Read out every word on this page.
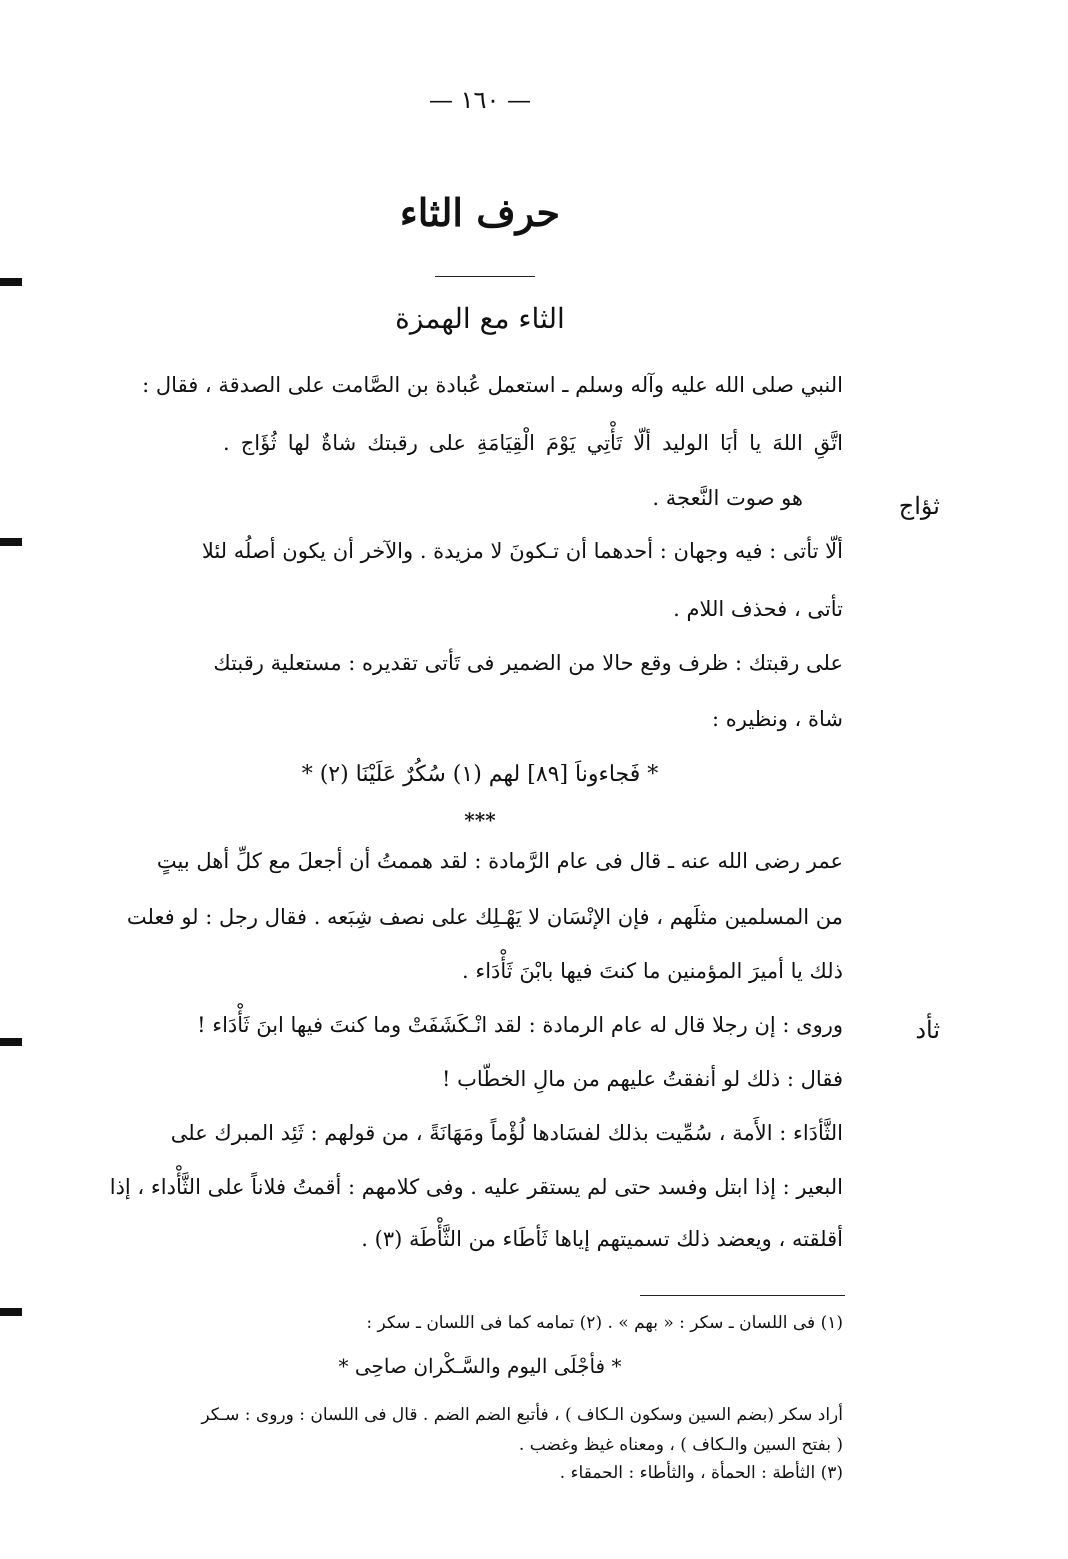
— ١٦٠ —
حرف الثاء
الثاء مع الهمزة
النبي صلى الله عليه وآله وسلم ـ استعمل عُبادة بن الصَّامت على الصدقة ، فقال :
اتَّقِ اللهَ يا أبَا الوليد ألّا تَأْتِي يَوْمَ الْقِيَامَةِ على رقبتك شاةٌ لها ثُؤَاج .
ثؤاج
هو صوت النَّعجة .
ألّا تأتى : فيه وجهان : أحدهما أن تـكونَ لا مزيدة . والآخر أن يكون أصلُه لئلا
تأتى ، فحذف اللام .
على رقبتك : ظرف وقع حالا من الضمير فى تَأتى تقديره : مستعلية رقبتك
شاة ، ونظيره :
* فَجاءوناَ [٨٩] لهم (١) سُكُرٌ عَلَيْنَا (٢) *
***
عمر رضى الله عنه ـ قال فى عام الرَّمادة : لقد هممتُ أن أجعلَ مع كلِّ أهل بيتٍ
من المسلمين مثلَهم ، فإن الإنْسَان لا يَهْـلِك على نصف شِبَعه . فقال رجل : لو فعلت
ذلك يا أميرَ المؤمنين ما كنتَ فيها بابْنَ ثَأْدَاء .
ثأد
وروى : إن رجلا قال له عام الرمادة : لقد انْـكَشَفَتْ وما كنتَ فيها ابنَ ثَأْدَاء !
فقال : ذلك لو أنفقتُ عليهم من مالِ الخطّاب !
الثَّأدَاء : الأَمة ، سُمِّيت بذلك لفسَادها لُؤْماً ومَهَانَةً ، من قولهم : ثَئِد المبرك على
البعير : إذا ابتل وفسد حتى لم يستقر عليه . وفى كلامهم : أقمتُ فلاناً على الثَّأْداء ، إذا
أقلقته ، ويعضد ذلك تسميتهم إياها ثَأطَاء من الثَّأْطَة (٣) .
(١) فى اللسان ـ سكر : « بهم » . (٢) تمامه كما فى اللسان ـ سكر :
* فأجْلَى اليوم والسَّـكْران صاحِى *
أراد سكر (بضم السين وسكون الـكاف ) ، فأتبع الضم الضم . قال فى اللسان : وروى : سـكر
( بفتح السين والـكاف ) ، ومعناه غيظ وغضب .
(٣) الثأطة : الحمأة ، والثأطاء : الحمقاء .
